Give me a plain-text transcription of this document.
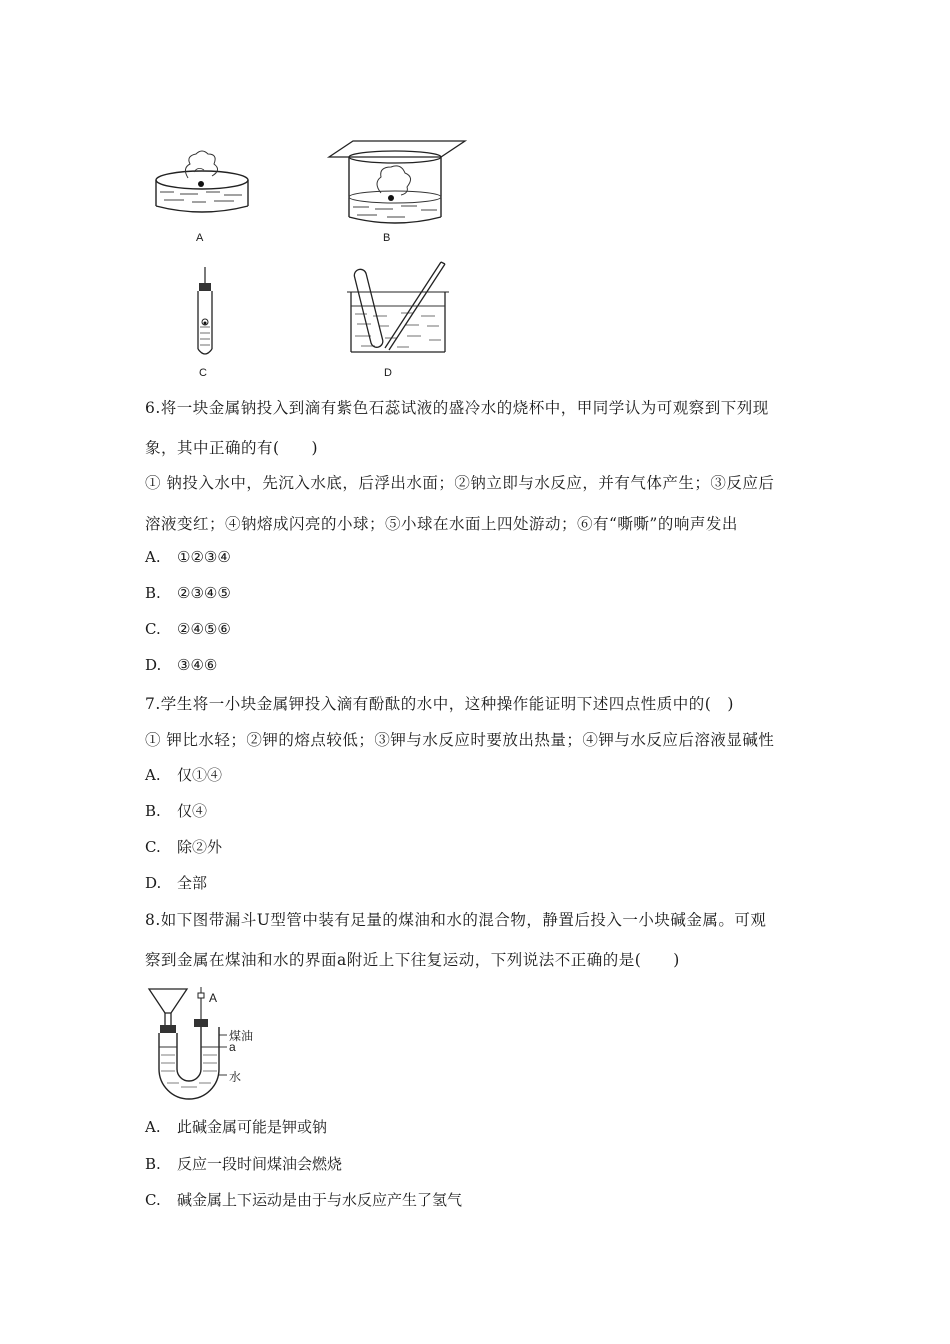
A	B
C	D
6.将一块金属钠投入到滴有紫色石蕊试液的盛冷水的烧杯中，甲同学认为可观察到下列现
象，其中正确的有(　　)
① 钠投入水中，先沉入水底，后浮出水面；②钠立即与水反应，并有气体产生；③反应后
溶液变红；④钠熔成闪亮的小球；⑤小球在水面上四处游动；⑥有“嘶嘶”的响声发出
A. ①②③④
B. ②③④⑤
C. ②④⑤⑥
D. ③④⑥
7.学生将一小块金属钾投入滴有酚酞的水中，这种操作能证明下述四点性质中的(　)
① 钾比水轻；②钾的熔点较低；③钾与水反应时要放出热量；④钾与水反应后溶液显碱性
A. 仅①④
B. 仅④
C. 除②外
D. 全部
8.如下图带漏斗U型管中装有足量的煤油和水的混合物，静置后投入一小块碱金属。可观
察到金属在煤油和水的界面a附近上下往复运动，下列说法不正确的是(　　)
A
煤油
a
水
A. 此碱金属可能是钾或钠
B. 反应一段时间煤油会燃烧
C. 碱金属上下运动是由于与水反应产生了氢气
